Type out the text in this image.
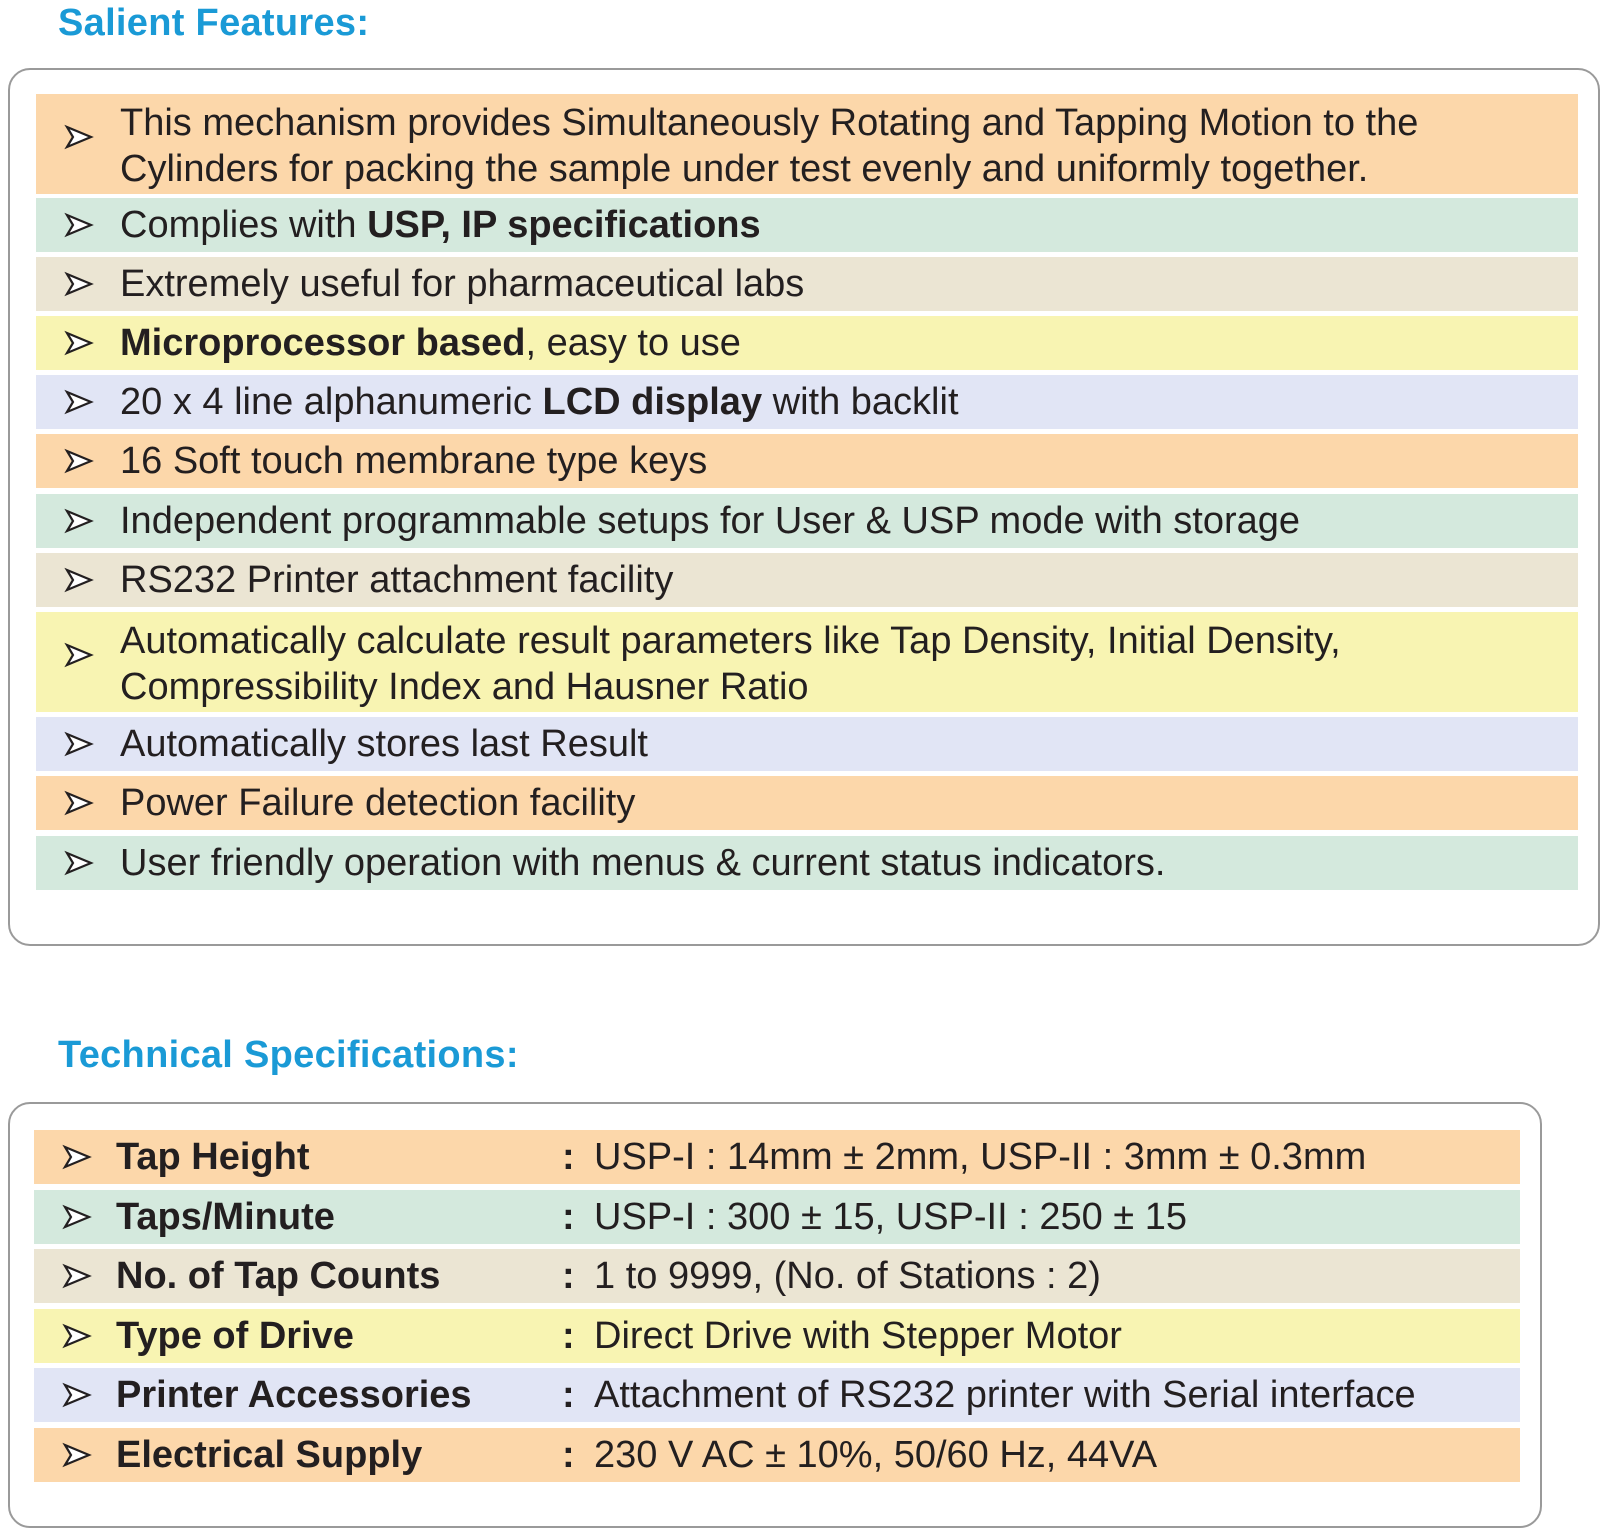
Salient Features:
This mechanism provides Simultaneously Rotating and Tapping Motion to the Cylinders for packing the sample under test evenly and uniformly together.
Complies with USP, IP specifications
Extremely useful for pharmaceutical labs
Microprocessor based, easy to use
20 x 4 line alphanumeric LCD display with backlit
16 Soft touch membrane type keys
Independent programmable setups for User & USP mode with storage
RS232 Printer attachment facility
Automatically calculate result parameters like Tap Density, Initial Density, Compressibility Index and Hausner Ratio
Automatically stores last Result
Power Failure detection facility
User friendly operation with menus & current status indicators.
Technical Specifications:
Tap Height	: USP-I : 14mm ± 2mm, USP-II : 3mm ± 0.3mm
Taps/Minute	: USP-I : 300 ± 15, USP-II : 250 ± 15
No. of Tap Counts	: 1 to 9999, (No. of Stations : 2)
Type of Drive	: Direct Drive with Stepper Motor
Printer Accessories : Attachment of RS232 printer with Serial interface
Electrical Supply	: 230 V AC ± 10%, 50/60 Hz, 44VA
